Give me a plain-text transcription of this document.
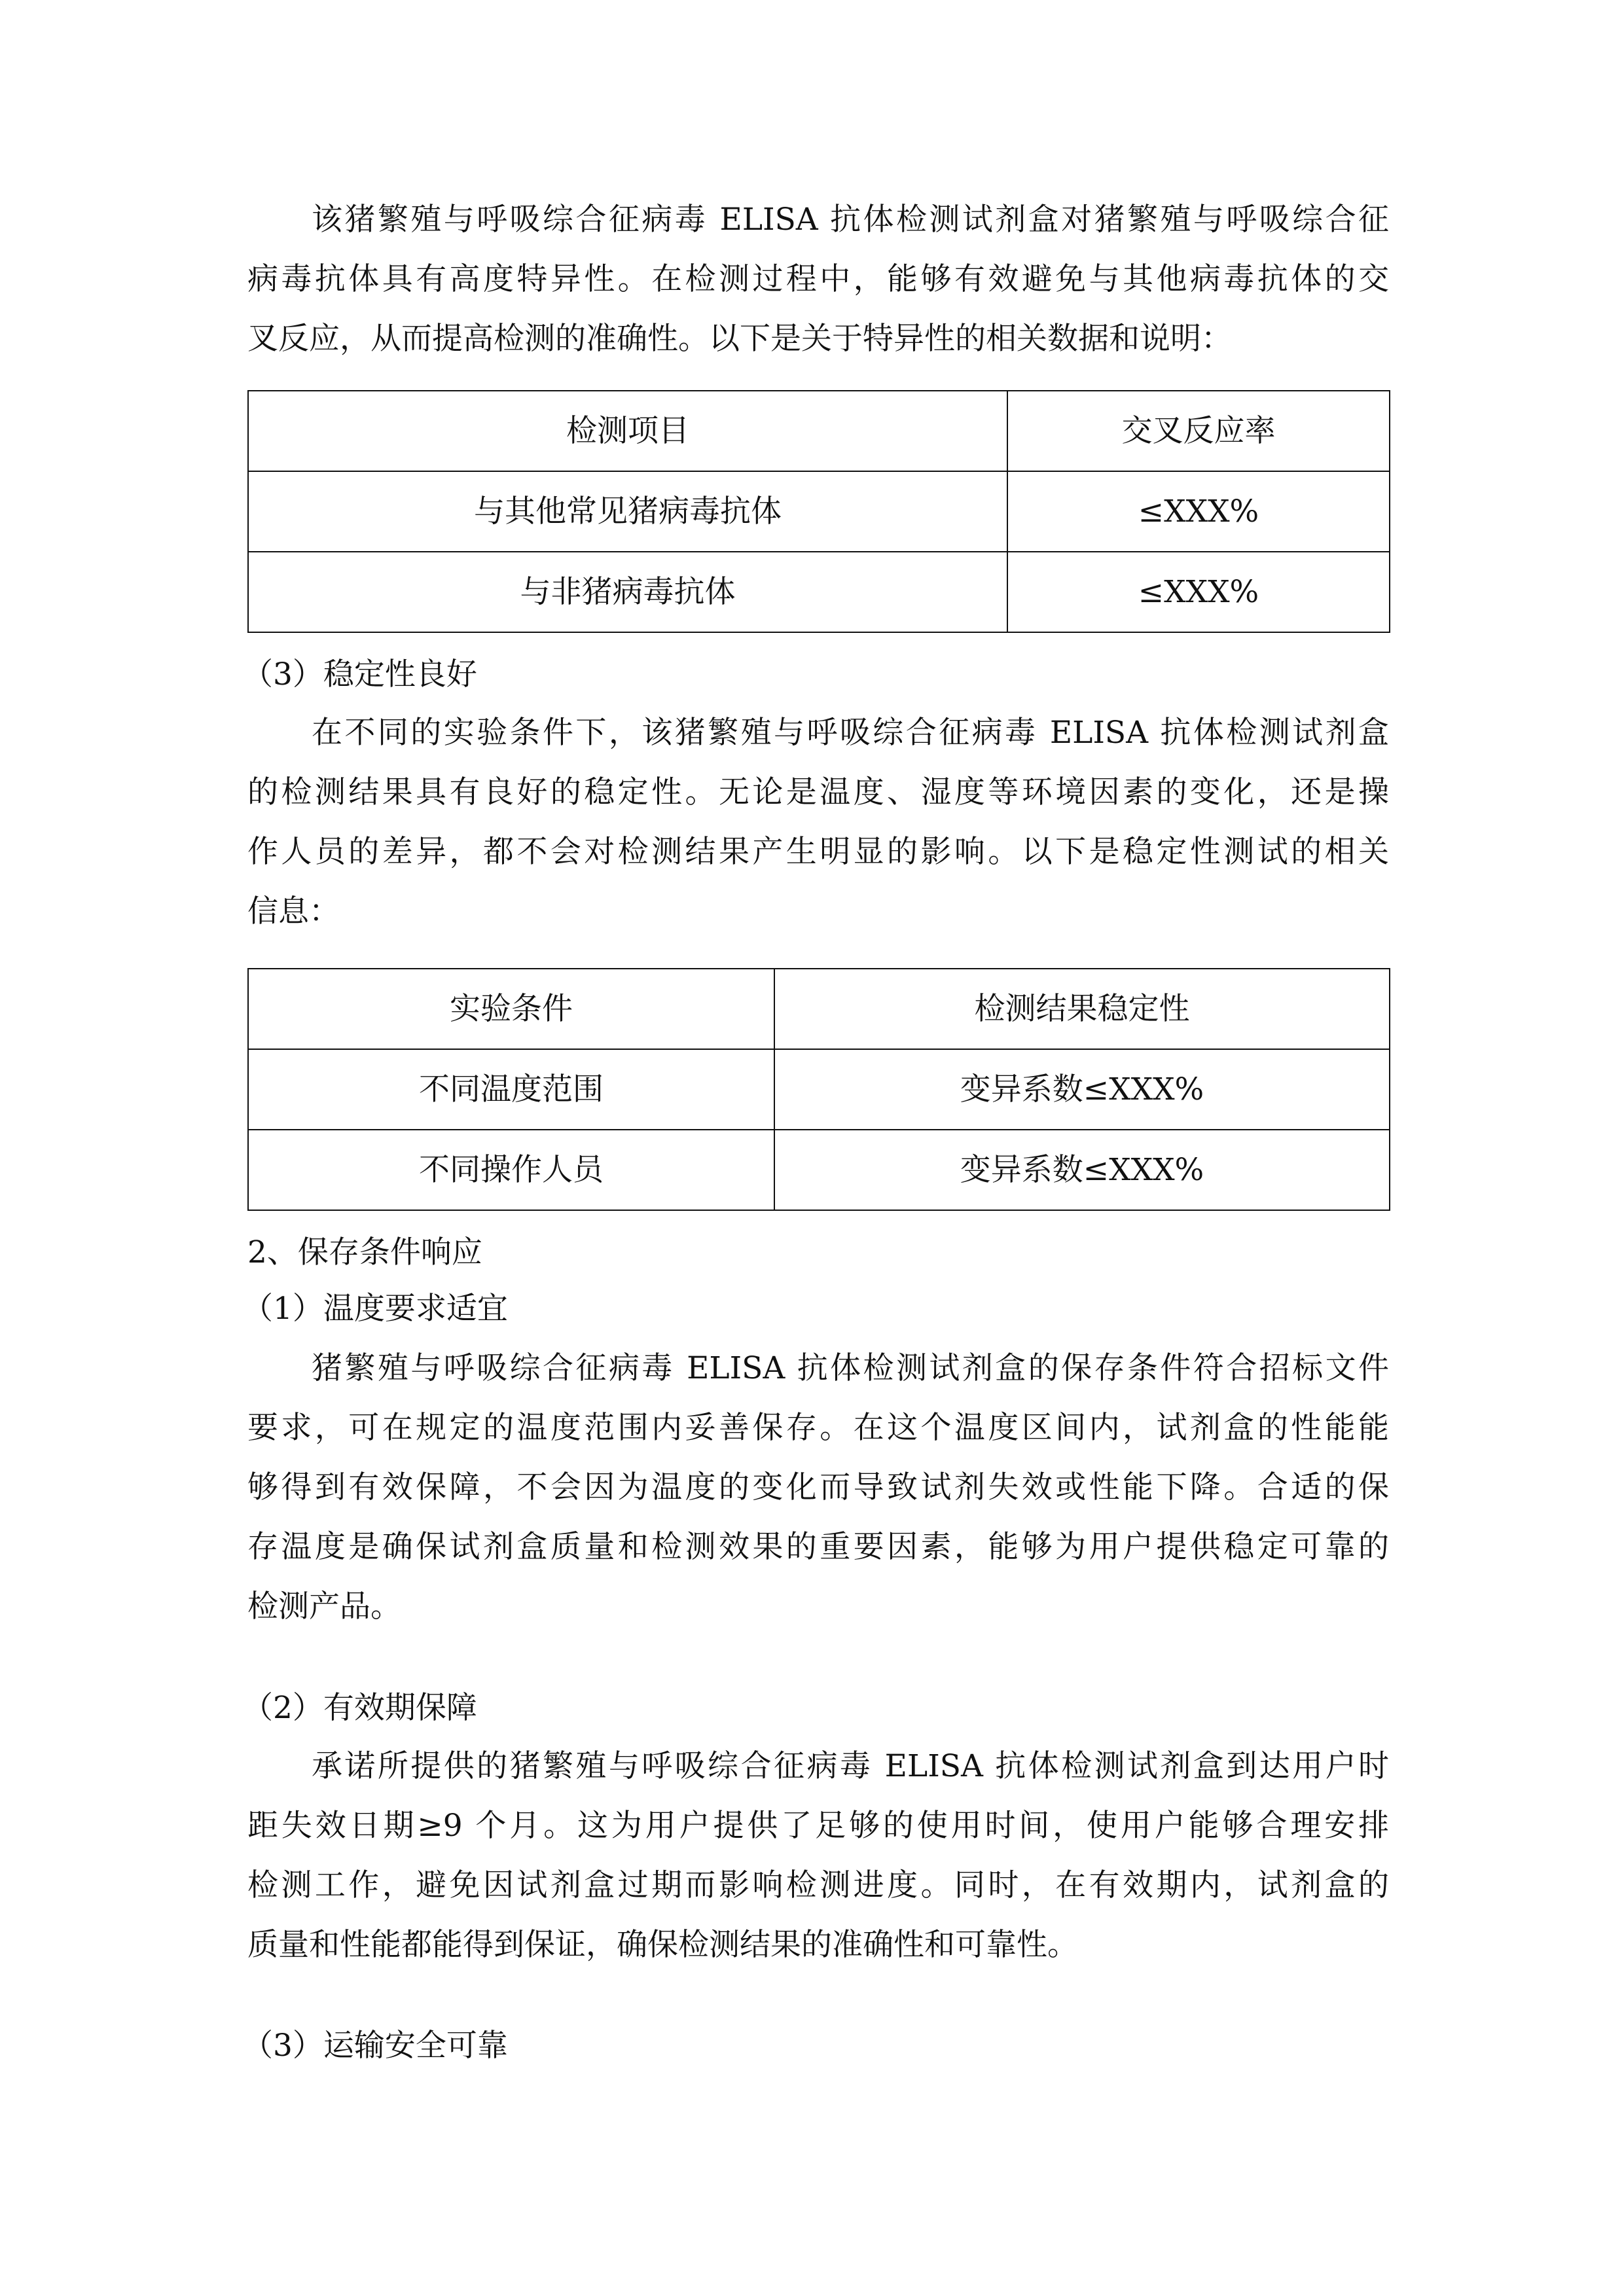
该猪繁殖与呼吸综合征病毒 ELISA 抗体检测试剂盒对猪繁殖与呼吸综合征

病毒抗体具有高度特异性。在检测过程中，能够有效避免与其他病毒抗体的交

叉反应，从而提高检测的准确性。以下是关于特异性的相关数据和说明：

检测项目	交叉反应率
与其他常见猪病毒抗体	≤XXX%
与非猪病毒抗体	≤XXX%

（3）稳定性良好

在不同的实验条件下，该猪繁殖与呼吸综合征病毒 ELISA 抗体检测试剂盒

的检测结果具有良好的稳定性。无论是温度、湿度等环境因素的变化，还是操

作人员的差异，都不会对检测结果产生明显的影响。以下是稳定性测试的相关

信息：

实验条件	检测结果稳定性
不同温度范围	变异系数≤XXX%
不同操作人员	变异系数≤XXX%

2、保存条件响应

（1）温度要求适宜

猪繁殖与呼吸综合征病毒 ELISA 抗体检测试剂盒的保存条件符合招标文件

要求，可在规定的温度范围内妥善保存。在这个温度区间内，试剂盒的性能能

够得到有效保障，不会因为温度的变化而导致试剂失效或性能下降。合适的保

存温度是确保试剂盒质量和检测效果的重要因素，能够为用户提供稳定可靠的

检测产品。

（2）有效期保障

承诺所提供的猪繁殖与呼吸综合征病毒 ELISA 抗体检测试剂盒到达用户时

距失效日期≥9 个月。这为用户提供了足够的使用时间，使用户能够合理安排

检测工作，避免因试剂盒过期而影响检测进度。同时，在有效期内，试剂盒的

质量和性能都能得到保证，确保检测结果的准确性和可靠性。

（3）运输安全可靠
